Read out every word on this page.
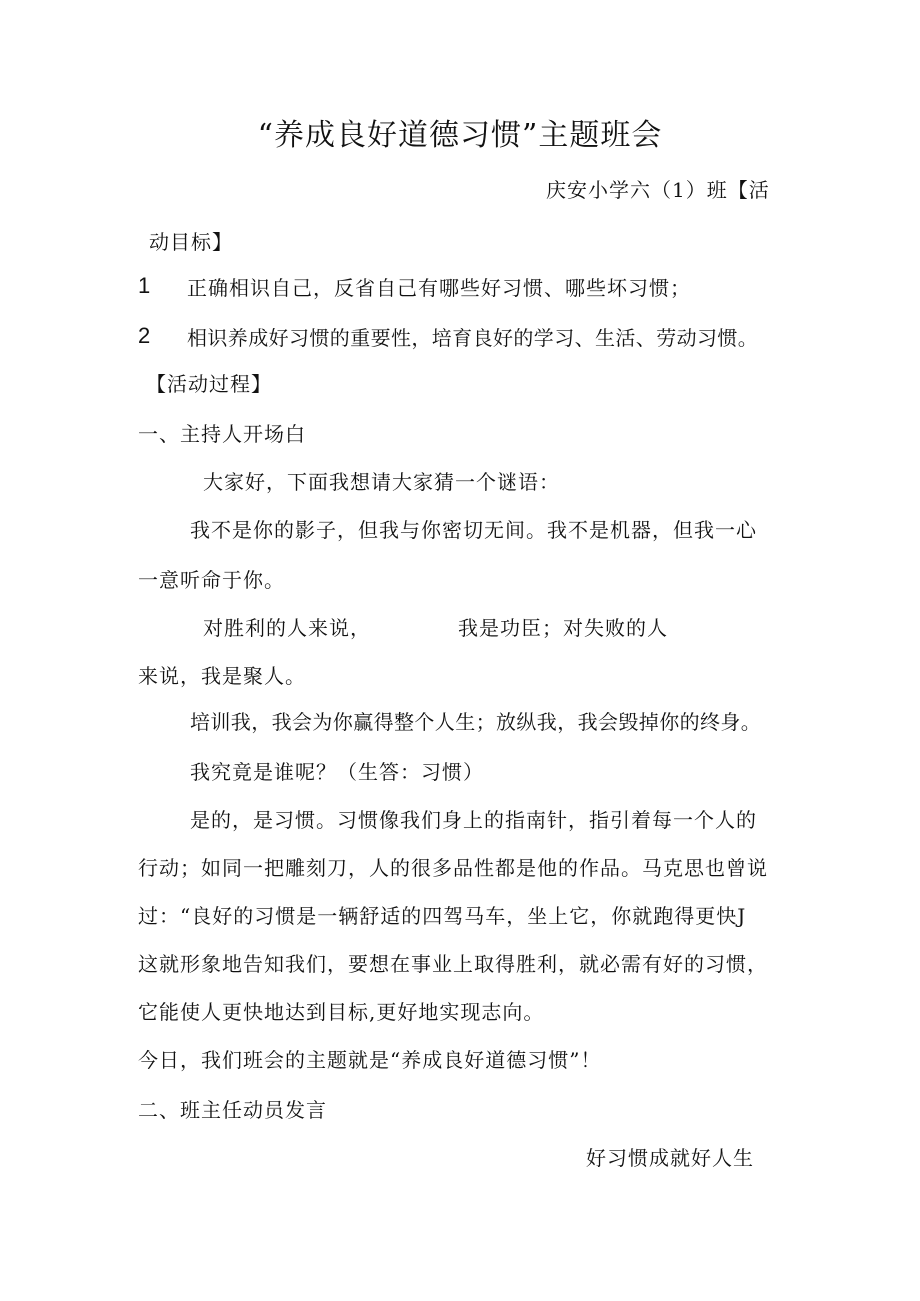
“养成良好道德习惯”主题班会
庆安小学六（1）班【活
动目标】
1 正确相识自己，反省自己有哪些好习惯、哪些坏习惯；
2 相识养成好习惯的重要性，培育良好的学习、生活、劳动习惯。
【活动过程】
一、主持人开场白
大家好，下面我想请大家猜一个谜语：
我不是你的影子，但我与你密切无间。我不是机器，但我一心
一意听命于你。
对胜利的人来说，	我是功臣；对失败的人
来说，我是聚人。
培训我，我会为你赢得整个人生；放纵我，我会毁掉你的终身。
我究竟是谁呢？（生答：习惯）
是的，是习惯。习惯像我们身上的指南针，指引着每一个人的
行动；如同一把雕刻刀，人的很多品性都是他的作品。马克思也曾说
过：“良好的习惯是一辆舒适的四驾马车，坐上它，你就跑得更快J
这就形象地告知我们，要想在事业上取得胜利，就必需有好的习惯，
它能使人更快地达到目标,更好地实现志向。
今日，我们班会的主题就是“养成良好道德习惯”！
二、班主任动员发言
好习惯成就好人生
